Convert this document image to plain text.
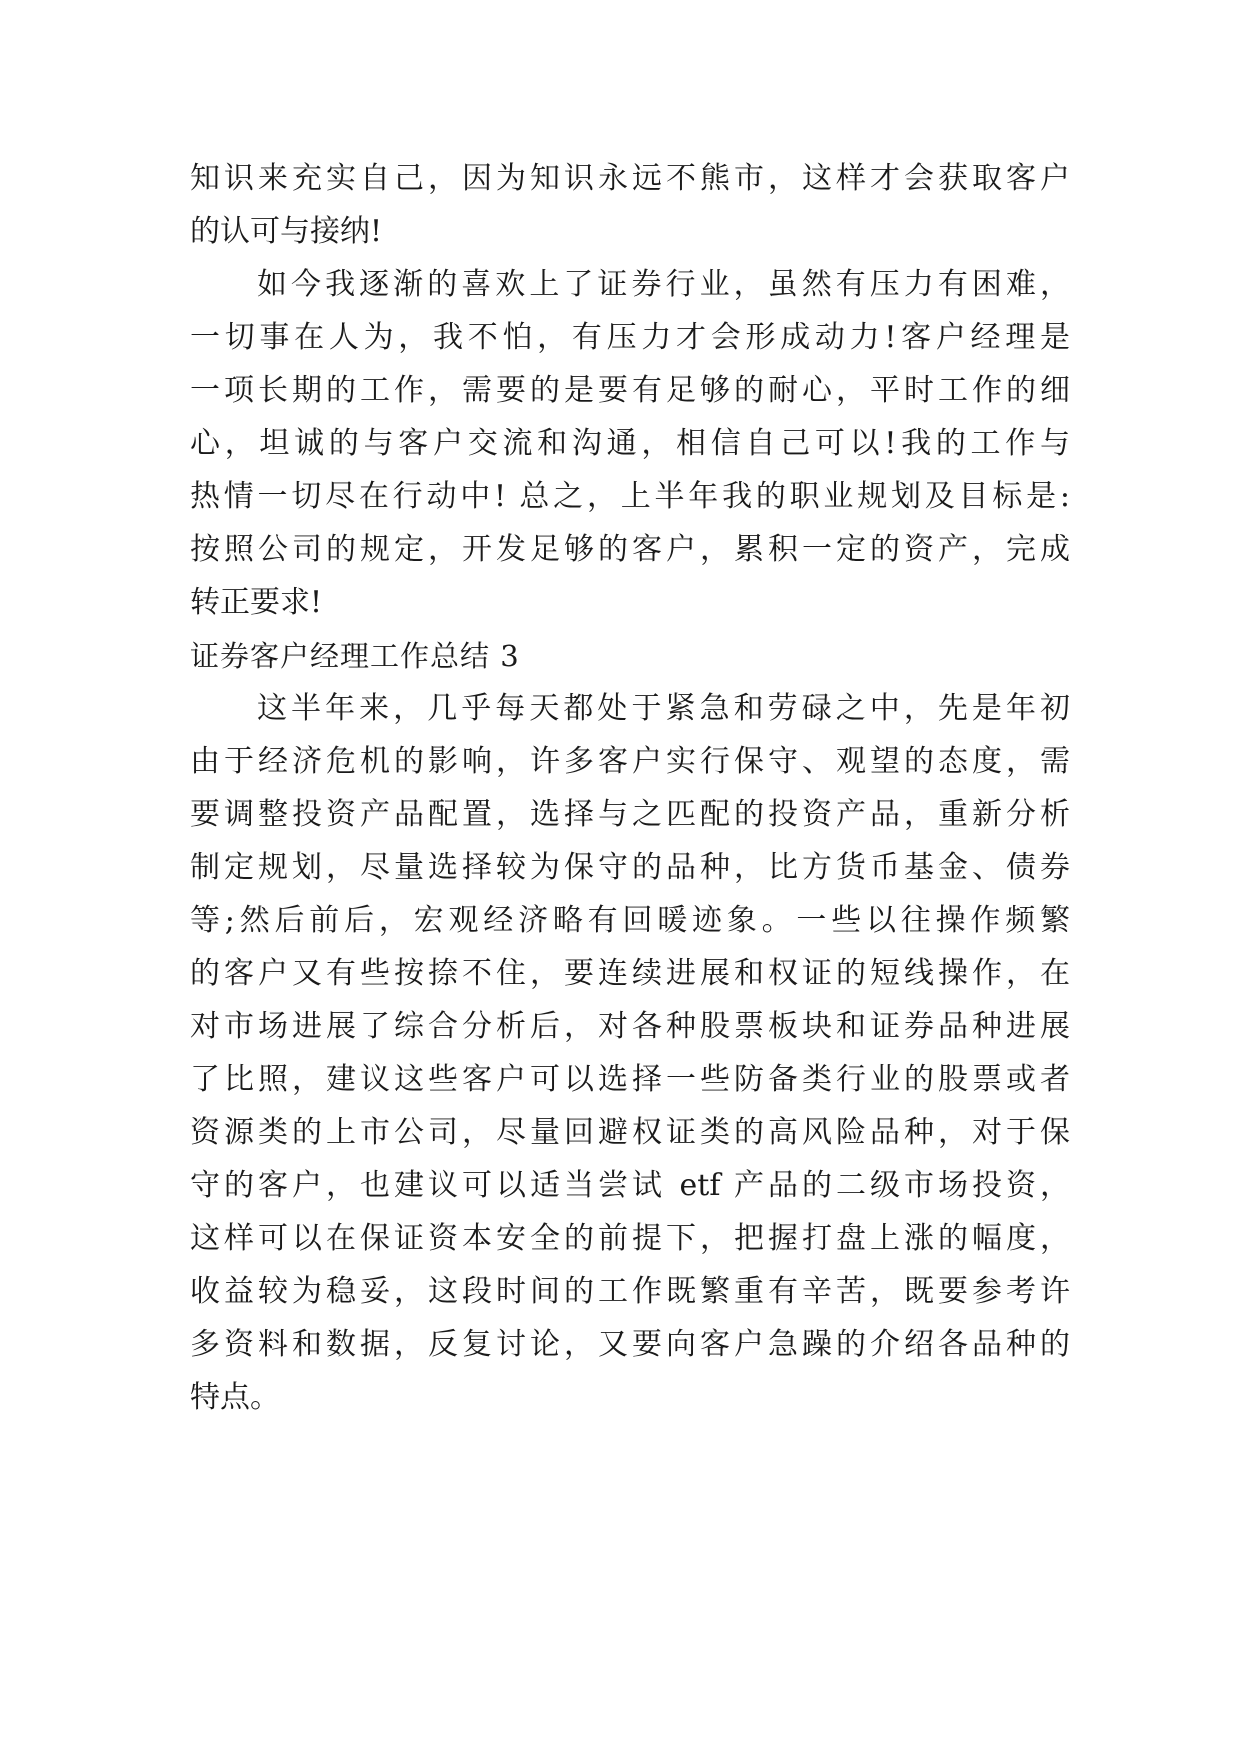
知识来充实自己，因为知识永远不熊市，这样才会获取客户
的认可与接纳!
如今我逐渐的喜欢上了证券行业，虽然有压力有困难，
一切事在人为，我不怕，有压力才会形成动力!客户经理是
一项长期的工作，需要的是要有足够的耐心，平时工作的细
心，坦诚的与客户交流和沟通，相信自己可以!我的工作与
热情一切尽在行动中! 总之，上半年我的职业规划及目标是:
按照公司的规定，开发足够的客户，累积一定的资产，完成
转正要求!
证券客户经理工作总结 3
这半年来，几乎每天都处于紧急和劳碌之中，先是年初
由于经济危机的影响，许多客户实行保守、观望的态度，需
要调整投资产品配置，选择与之匹配的投资产品，重新分析
制定规划，尽量选择较为保守的品种，比方货币基金、债券
等;然后前后，宏观经济略有回暖迹象。一些以往操作频繁
的客户又有些按捺不住，要连续进展和权证的短线操作，在
对市场进展了综合分析后，对各种股票板块和证券品种进展
了比照，建议这些客户可以选择一些防备类行业的股票或者
资源类的上市公司，尽量回避权证类的高风险品种，对于保
守的客户，也建议可以适当尝试 etf 产品的二级市场投资，
这样可以在保证资本安全的前提下，把握打盘上涨的幅度，
收益较为稳妥，这段时间的工作既繁重有辛苦，既要参考许
多资料和数据，反复讨论，又要向客户急躁的介绍各品种的
特点。
